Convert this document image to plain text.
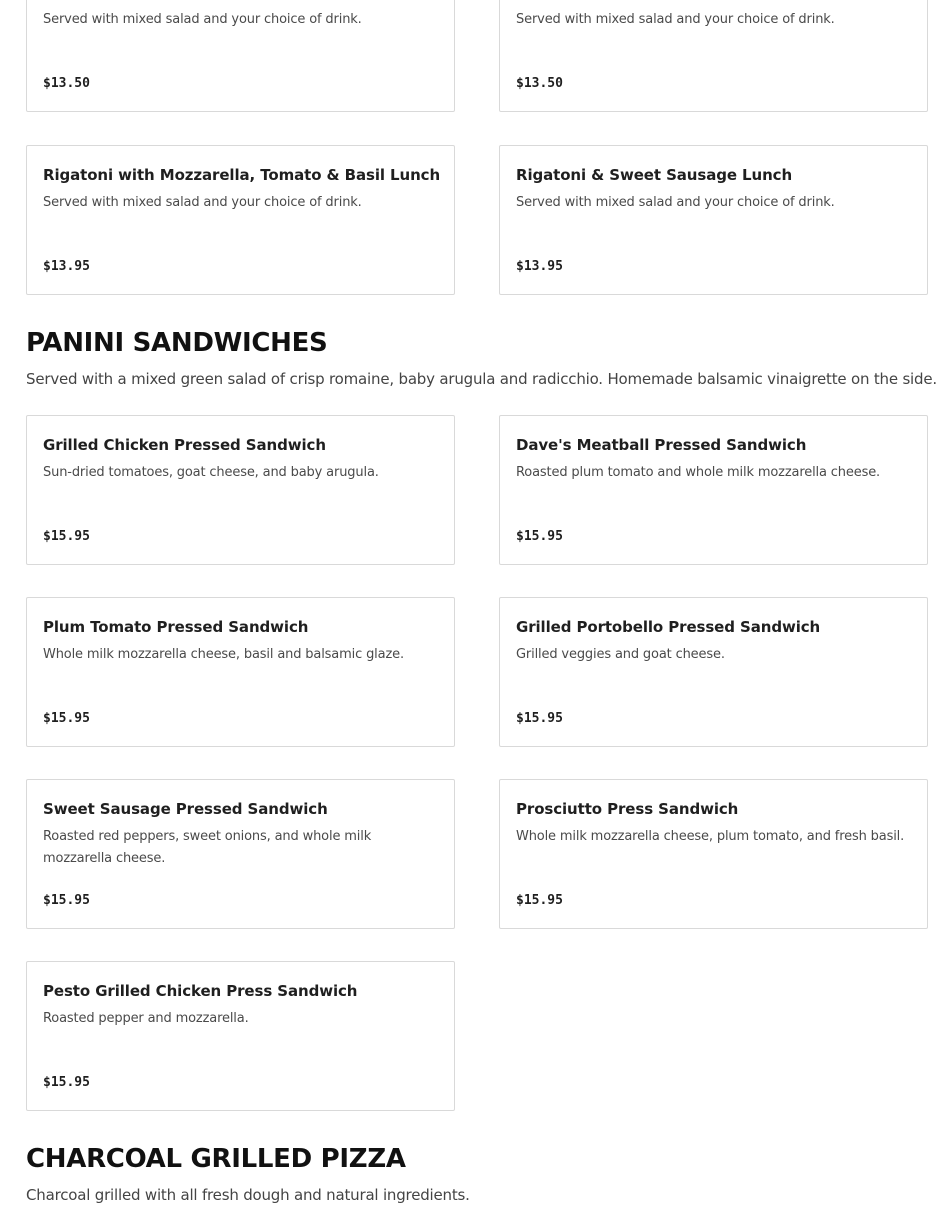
Served with mixed salad and your choice of drink.
$13.50
Served with mixed salad and your choice of drink.
$13.50
Rigatoni with Mozzarella, Tomato & Basil Lunch
Served with mixed salad and your choice of drink.
$13.95
Rigatoni & Sweet Sausage Lunch
Served with mixed salad and your choice of drink.
$13.95
PANINI SANDWICHES
Served with a mixed green salad of crisp romaine, baby arugula and radicchio. Homemade balsamic vinaigrette on the side.
Grilled Chicken Pressed Sandwich
Sun-dried tomatoes, goat cheese, and baby arugula.
$15.95
Dave's Meatball Pressed Sandwich
Roasted plum tomato and whole milk mozzarella cheese.
$15.95
Plum Tomato Pressed Sandwich
Whole milk mozzarella cheese, basil and balsamic glaze.
$15.95
Grilled Portobello Pressed Sandwich
Grilled veggies and goat cheese.
$15.95
Sweet Sausage Pressed Sandwich
Roasted red peppers, sweet onions, and whole milk mozzarella cheese.
$15.95
Prosciutto Press Sandwich
Whole milk mozzarella cheese, plum tomato, and fresh basil.
$15.95
Pesto Grilled Chicken Press Sandwich
Roasted pepper and mozzarella.
$15.95
CHARCOAL GRILLED PIZZA
Charcoal grilled with all fresh dough and natural ingredients.
